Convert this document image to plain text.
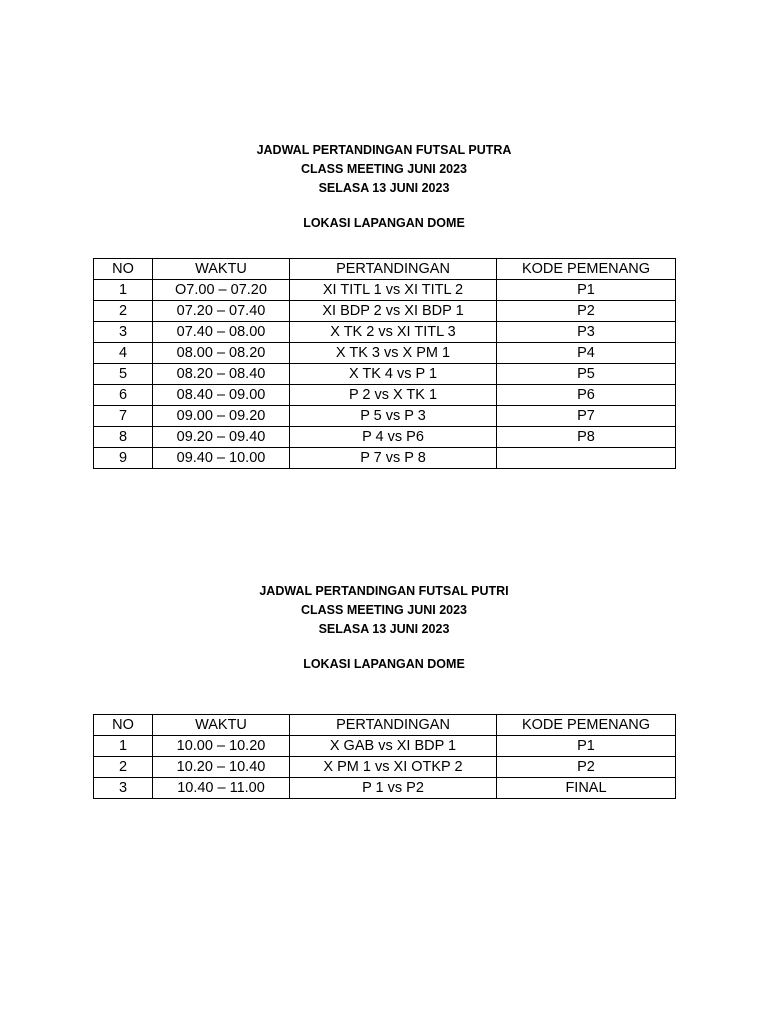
JADWAL PERTANDINGAN FUTSAL PUTRA
CLASS MEETING JUNI 2023
SELASA 13 JUNI 2023
LOKASI LAPANGAN DOME
NO	WAKTU	PERTANDINGAN	KODE PEMENANG
1	O7.00 – 07.20	XI TITL 1 vs XI TITL 2	P1
2	07.20 – 07.40	XI BDP 2 vs XI BDP 1	P2
3	07.40 – 08.00	X TK 2 vs XI TITL 3	P3
4	08.00 – 08.20	X TK 3 vs X PM 1	P4
5	08.20 – 08.40	X TK 4 vs P 1	P5
6	08.40 – 09.00	P 2 vs X TK 1	P6
7	09.00 – 09.20	P 5 vs P 3	P7
8	09.20 – 09.40	P 4 vs P6	P8
9	09.40 – 10.00	P 7 vs P 8	
JADWAL PERTANDINGAN FUTSAL PUTRI
CLASS MEETING JUNI 2023
SELASA 13 JUNI 2023
LOKASI LAPANGAN DOME
NO	WAKTU	PERTANDINGAN	KODE PEMENANG
1	10.00 – 10.20	X GAB vs XI BDP 1	P1
2	10.20 – 10.40	X PM 1 vs XI OTKP 2	P2
3	10.40 – 11.00	P 1 vs P2	FINAL
